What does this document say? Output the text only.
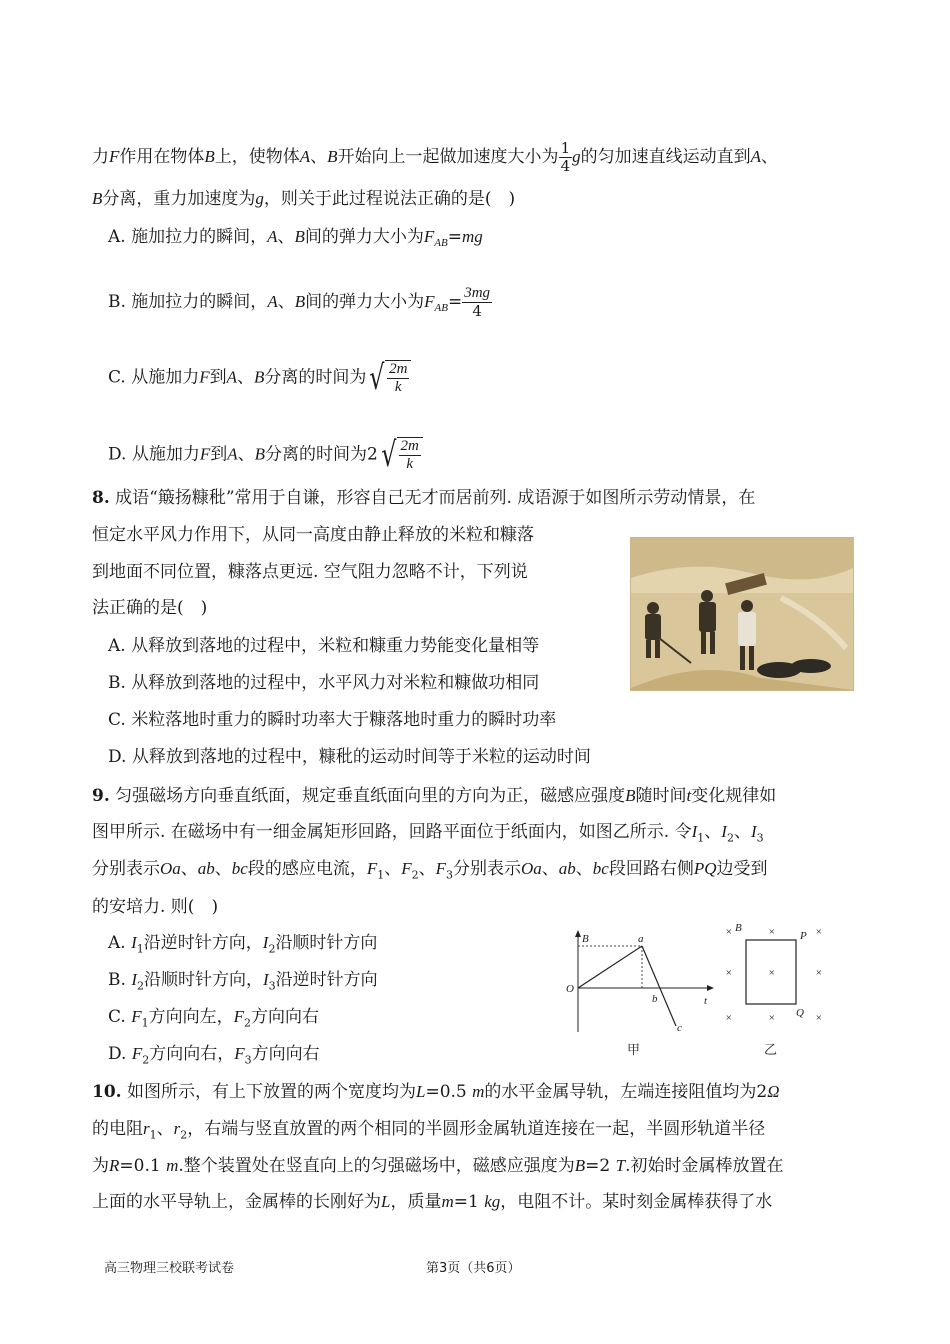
力F作用在物体B上，使物体A、B开始向上一起做加速度大小为 $\frac{1}{4}$ g的匀加速直线运动直到A、
B分离，重力加速度为g，则关于此过程说法正确的是(　)
A. 施加拉力的瞬间，A、B间的弹力大小为$F_{AB}=mg$
B. 施加拉力的瞬间，A、B间的弹力大小为$F_{AB}= \frac{3mg}{4}$
C. 从施加力F到A、B分离的时间为√ $\frac{2m}{k}$
D. 从施加力F到A、B分离的时间为$2√ \frac{2m}{k}$
8. 成语“簸扬糠秕”常用于自谦，形容自己无才而居前列. 成语源于如图所示劳动情景，在
恒定水平风力作用下，从同一高度由静止释放的米粒和糠落
到地面不同位置，糠落点更远. 空气阻力忽略不计，下列说
法正确的是(　)
A. 从释放到落地的过程中，米粒和糠重力势能变化量相等
B. 从释放到落地的过程中，水平风力对米粒和糠做功相同
C. 米粒落地时重力的瞬时功率大于糠落地时重力的瞬时功率
D. 从释放到落地的过程中，糠秕的运动时间等于米粒的运动时间
9. 匀强磁场方向垂直纸面，规定垂直纸面向里的方向为正，磁感应强度B随时间t变化规律如
图甲所示. 在磁场中有一细金属矩形回路，回路平面位于纸面内，如图乙所示. 令$I_1$、$I_2$、$I_3$
分别表示Oa、ab、bc段的感应电流，$F_1$、$F_2$、$F_3$分别表示Oa、ab、bc段回路右侧PQ边受到
的安培力. 则(　)
A. $I_1$沿逆时针方向，$I_2$沿顺时针方向
B. $I_2$沿顺时针方向，$I_3$沿逆时针方向
C. $F_1$方向向左，$F_2$方向向右
D. $F_2$方向向右，$F_3$方向向右
B	a
O
b	t
c
甲
×	×	×
×	×	×
×	×	×
B
P
Q
乙
10. 如图所示，有上下放置的两个宽度均为L=0.5 m的水平金属导轨，左端连接阻值均为2Ω
的电阻$r_1$、$r_2$，右端与竖直放置的两个相同的半圆形金属轨道连接在一起，半圆形轨道半径
为R=0.1 m.整个装置处在竖直向上的匀强磁场中，磁感应强度为B=2 T.初始时金属棒放置在
上面的水平导轨上，金属棒的长刚好为L，质量m=1 kg，电阻不计。某时刻金属棒获得了水
高三物理三校联考试卷	第3页（共6页）
